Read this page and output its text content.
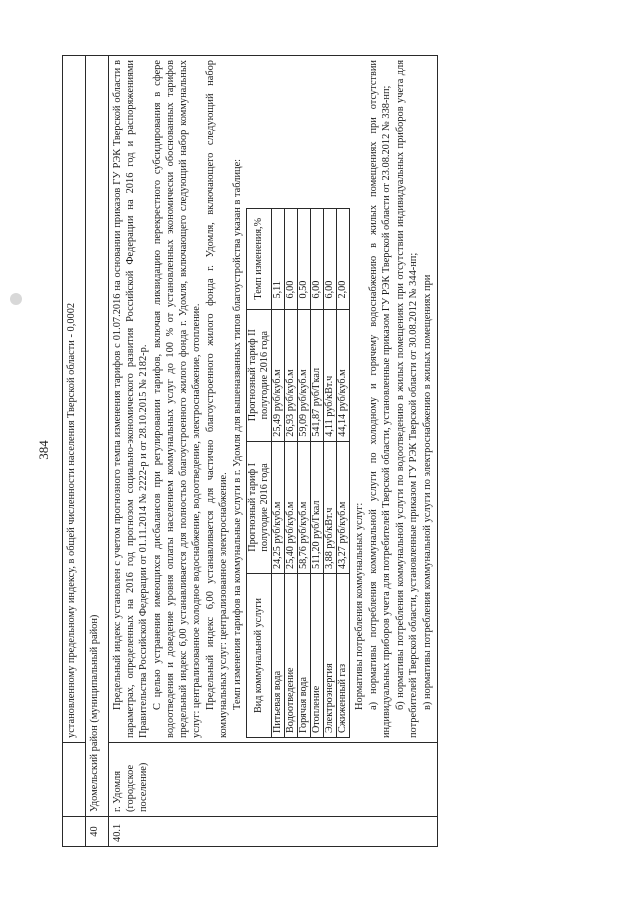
384
		установленному предельному индексу, в общей численности населения Тверской области - 0,0002
40	Удомельский район (муниципальный район)
40.1	г. Удомля (городское поселение)	

Предельный индекс установлен с учетом прогнозного темпа изменения тарифов с 01.07.2016 на основании приказов ГУ РЭК Тверской области в параметрах, определенных на 2016 год прогнозом социально-экономического развития Российской Федерации на 2016 год и распоряжениями Правительства Российской Федерации от 01.11.2014 № 2222-р и от 28.10.2015 № 2182-р. С целью устранения имеющихся дисбалансов при регулировании тарифов, включая ликвидацию перекрестного субсидирования в сфере водоотведения и доведение уровня оплаты населением коммунальных услуг до 100 % от установленных экономически обоснованных тарифов предельный индекс 6,00 устанавливается для полностью благоустроенного жилого фонда г. Удомля, включающего следующий набор коммунальных услуг: централизованное холодное водоснабжение, водоотведение, электроснабжение, отопление. Предельный индекс 6,00 устанавливается для частично благоустроенного жилого фонда г. Удомля, включающего следующий набор коммунальных услуг: централизованное электроснабжение. Темп изменения тарифов на коммунальные услуги в г. Удомля для вышеназванных типов благоустройства указан в таблице: Вид коммунальной услуги	Прогнозный тариф I полугодие 2016 года	Прогнозный тариф II полугодие 2016 года	Темп изменения,%
Питьевая вода	24,25 руб/куб.м	25,49 руб/куб.м	5,11
Водоотведение	25,40 руб/куб.м	26,93 руб/куб.м	6,00
Горячая вода	58,76 руб/куб.м	59,09 руб/куб.м	0,50
Отопление	511,20 руб/Гкал	541,87 руб/Гкал	6,00
Электроэнергия	3,88 руб/кВт.ч	4,11 руб/кВт.ч	6,00
Сжиженный газ	43,27 руб/куб.м	44,14 руб/куб.м	2,00

Нормативы потребления коммунальных услуг: а) нормативы потребления коммунальной услуги по холодному и горячему водоснабжению в жилых помещениях при отсутствии индивидуальных приборов учета для потребителей Тверской области, установленные приказом ГУ РЭК Тверской области от 23.08.2012 № 338-нп; б) нормативы потребления коммунальной услуги по водоотведению в жилых помещениях при отсутствии индивидуальных приборов учета для потребителей Тверской области, установленные приказом ГУ РЭК Тверской области от 30.08.2012 № 344-нп; в) нормативы потребления коммунальной услуги по электроснабжению в жилых помещениях при
